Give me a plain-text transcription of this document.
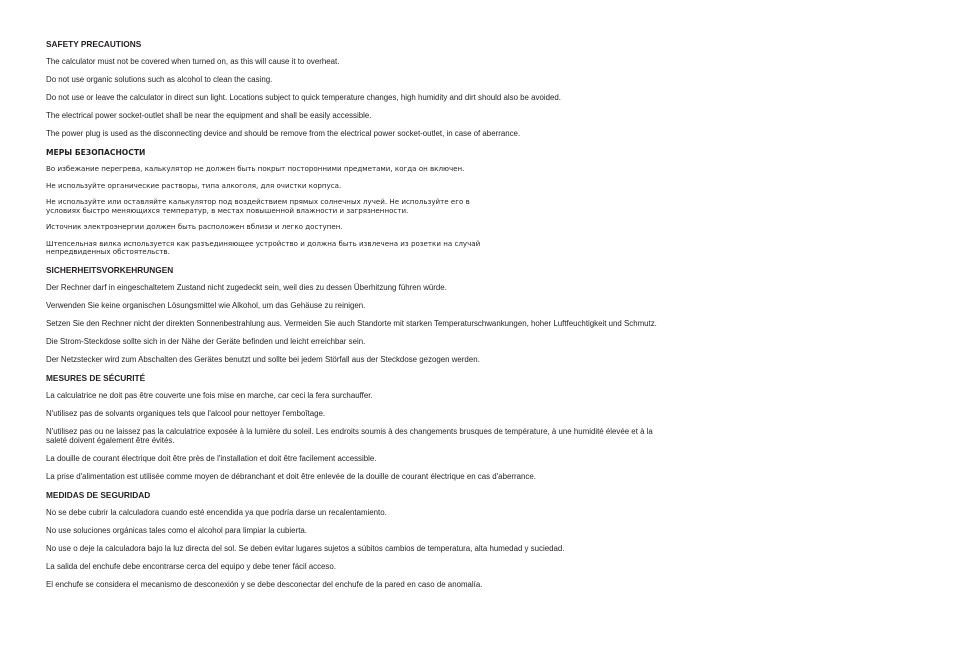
SAFETY PRECAUTIONS

The calculator must not be covered when turned on, as this will cause it to overheat.

Do not use organic solutions such as alcohol to clean the casing.

Do not use or leave the calculator in direct sun light. Locations subject to quick temperature changes, high humidity and dirt should also be avoided.

The electrical power socket-outlet shall be near the equipment and shall be easily accessible.

The power plug is used as the disconnecting device and should be remove from the electrical power socket-outlet, in case of aberrance.

МЕРЫ БЕЗОПАСНОСТИ

Во избежание перегрева, калькулятор не должен быть покрыт посторонними предметами, когда он включен.

Не используйте органические растворы, типа алкоголя, для очистки корпуса.

Не используйте или оставляйте калькулятор под воздействием прямых солнечных лучей. Не используйте его в условиях быстро меняющихся температур, в местах повышенной влажности и загрязненности.

Источник электроэнергии должен быть расположен вблизи и легко доступен.

Штепсельная вилка используется как разъединяющее устройство и должна быть извлечена из розетки на случай непредвиденных обстоятельств.

SICHERHEITSVORKEHRUNGEN

Der Rechner darf in eingeschaltetem Zustand nicht zugedeckt sein, weil dies zu dessen Überhitzung führen würde.

Verwenden Sie keine organischen Lösungsmittel wie Alkohol, um das Gehäuse zu reinigen.

Setzen Sie den Rechner nicht der direkten Sonnenbestrahlung aus. Vermeiden Sie auch Standorte mit starken Temperaturschwankungen, hoher Luftfeuchtigkeit und Schmutz.

Die Strom-Steckdose sollte sich in der Nähe der Geräte befinden und leicht erreichbar sein.

Der Netzstecker wird zum Abschalten des Gerätes benutzt und sollte bei jedem Störfall aus der Steckdose gezogen werden.

MESURES DE SÉCURITÉ

La calculatrice ne doit pas être couverte une fois mise en marche, car ceci la fera surchauffer.

N'utilisez pas de solvants organiques tels que l'alcool pour nettoyer l'emboîtage.

N'utilisez pas ou ne laissez pas la calculatrice exposée à la lumière du soleil. Les endroits soumis à des changements brusques de température, à une humidité élevée et à la saleté doivent également être évités.

La douille de courant électrique doit être près de l'installation et doit être facilement accessible.

La prise d'alimentation est utilisée comme moyen de débranchant et doit être enlevée de la douille de courant électrique en cas d'aberrance.

MEDIDAS DE SEGURIDAD

No se debe cubrir la calculadora cuando esté encendida ya que podría darse un recalentamiento.

No use soluciones orgánicas tales como el alcohol para limpiar la cubierta.

No use o deje la calculadora bajo la luz directa del sol. Se deben evitar lugares sujetos a súbitos cambios de temperatura, alta humedad y suciedad.

La salida del enchufe debe encontrarse cerca del equipo y debe tener fácil acceso.

El enchufe se considera el mecanismo de desconexión y se debe desconectar del enchufe de la pared en caso de anomalía.
